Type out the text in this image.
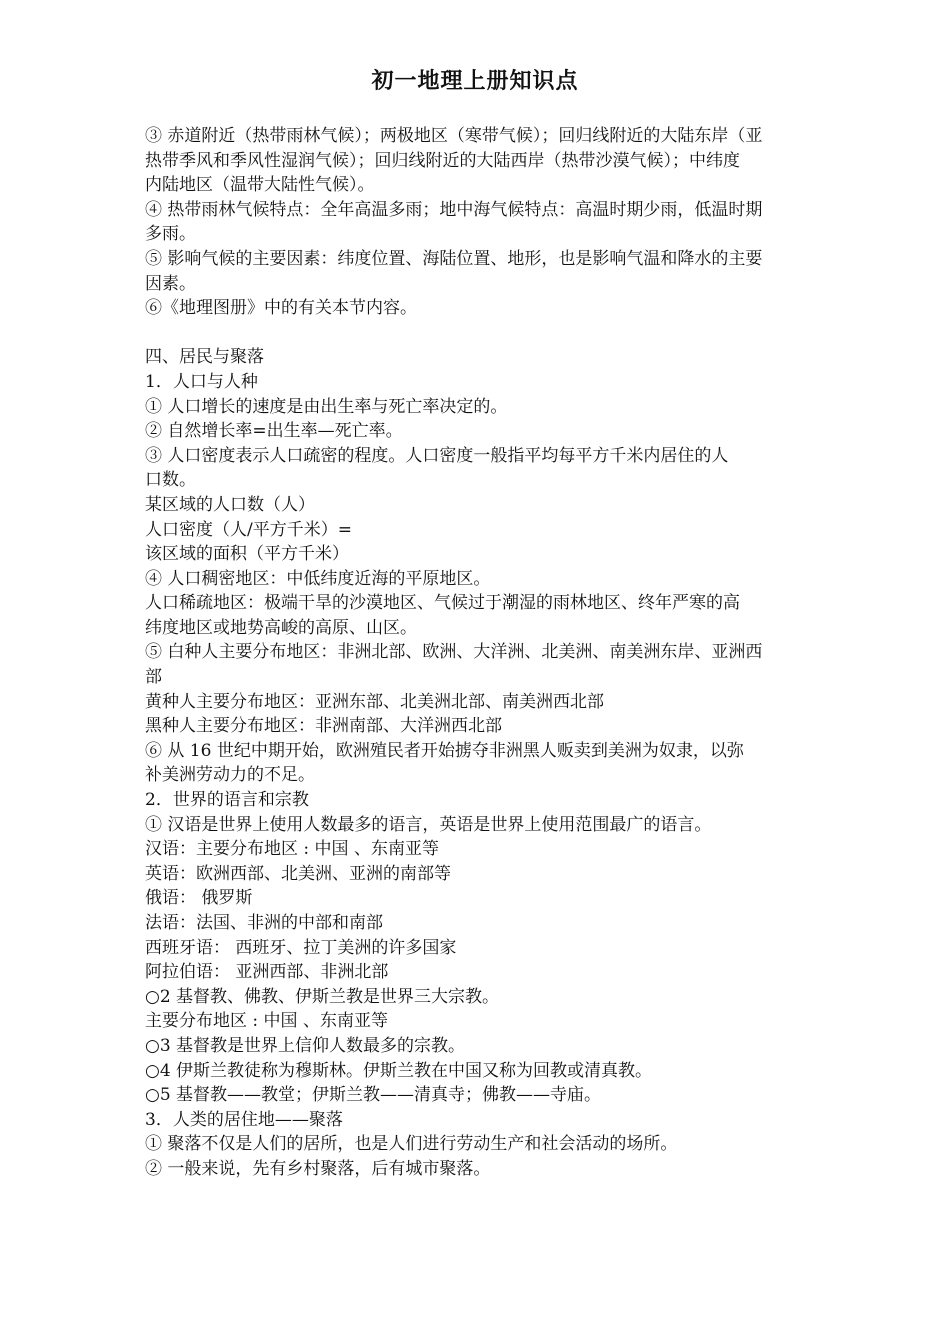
初一地理上册知识点
③ 赤道附近（热带雨林气候）；两极地区（寒带气候）；回归线附近的大陆东岸（亚
热带季风和季风性湿润气候）；回归线附近的大陆西岸（热带沙漠气候）；中纬度
内陆地区（温带大陆性气候）。
④ 热带雨林气候特点：全年高温多雨；地中海气候特点：高温时期少雨，低温时期
多雨。
⑤ 影响气候的主要因素：纬度位置、海陆位置、地形，也是影响气温和降水的主要
因素。
⑥《地理图册》中的有关本节内容。
四、居民与聚落
1．人口与人种
① 人口增长的速度是由出生率与死亡率决定的。
② 自然增长率=出生率—死亡率。
③ 人口密度表示人口疏密的程度。人口密度一般指平均每平方千米内居住的人
口数。
某区域的人口数（人）
人口密度（人/平方千米）=
该区域的面积（平方千米）
④ 人口稠密地区：中低纬度近海的平原地区。
人口稀疏地区：极端干旱的沙漠地区、气候过于潮湿的雨林地区、终年严寒的高
纬度地区或地势高峻的高原、山区。
⑤ 白种人主要分布地区：非洲北部、欧洲、大洋洲、北美洲、南美洲东岸、亚洲西
部
黄种人主要分布地区：亚洲东部、北美洲北部、南美洲西北部
黑种人主要分布地区：非洲南部、大洋洲西北部
⑥ 从 16 世纪中期开始，欧洲殖民者开始掳夺非洲黑人贩卖到美洲为奴隶，以弥
补美洲劳动力的不足。
2．世界的语言和宗教
① 汉语是世界上使用人数最多的语言，英语是世界上使用范围最广的语言。
汉语：主要分布地区 : 中国 、东南亚等
英语：欧洲西部、北美洲、亚洲的南部等
俄语： 俄罗斯
法语：法国、非洲的中部和南部
西班牙语： 西班牙、拉丁美洲的许多国家
阿拉伯语： 亚洲西部、非洲北部
○2 基督教、佛教、伊斯兰教是世界三大宗教。
主要分布地区 : 中国 、东南亚等
○3 基督教是世界上信仰人数最多的宗教。
○4 伊斯兰教徒称为穆斯林。伊斯兰教在中国又称为回教或清真教。
○5 基督教——教堂；伊斯兰教——清真寺；佛教——寺庙。
3．人类的居住地——聚落
① 聚落不仅是人们的居所，也是人们进行劳动生产和社会活动的场所。
② 一般来说，先有乡村聚落，后有城市聚落。
